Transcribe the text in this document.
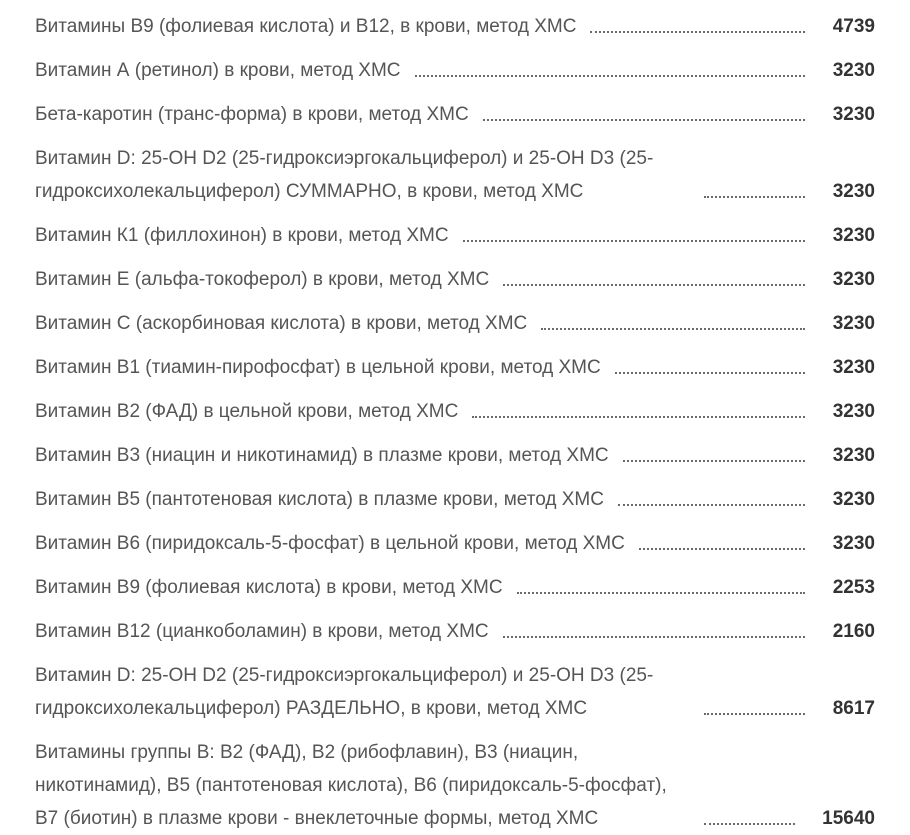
Витамины В9 (фолиевая кислота) и В12, в крови, метод ХМС	4739
Витамин А (ретинол) в крови, метод ХМС	3230
Бета-каротин (транс-форма) в крови, метод ХМС	3230
Витамин D: 25-OH D2 (25-гидроксиэргокальциферол) и 25-OH D3 (25-гидроксихолекальциферол) СУММАРНО, в крови, метод ХМС	3230
Витамин К1 (филлохинон) в крови, метод ХМС	3230
Витамин Е (альфа-токоферол) в крови, метод ХМС	3230
Витамин С (аскорбиновая кислота) в крови, метод ХМС	3230
Витамин В1 (тиамин-пирофосфат) в цельной крови, метод ХМС	3230
Витамин В2 (ФАД) в цельной крови, метод ХМС	3230
Витамин В3 (ниацин и никотинамид) в плазме крови, метод ХМС	3230
Витамин В5 (пантотеновая кислота) в плазме крови, метод ХМС	3230
Витамин В6 (пиридоксаль-5-фосфат) в цельной крови, метод ХМС	3230
Витамин В9 (фолиевая кислота) в крови, метод ХМС	2253
Витамин В12 (цианкоболамин) в крови, метод ХМС	2160
Витамин D: 25-OH D2 (25-гидроксиэргокальциферол) и 25-OH D3 (25-гидроксихолекальциферол) РАЗДЕЛЬНО, в крови, метод ХМС	8617
Витамины группы В: В2 (ФАД), В2 (рибофлавин), В3 (ниацин, никотинамид), В5 (пантотеновая кислота), В6 (пиридоксаль-5-фосфат), В7 (биотин) в плазме крови - внеклеточные формы, метод ХМС	15640
